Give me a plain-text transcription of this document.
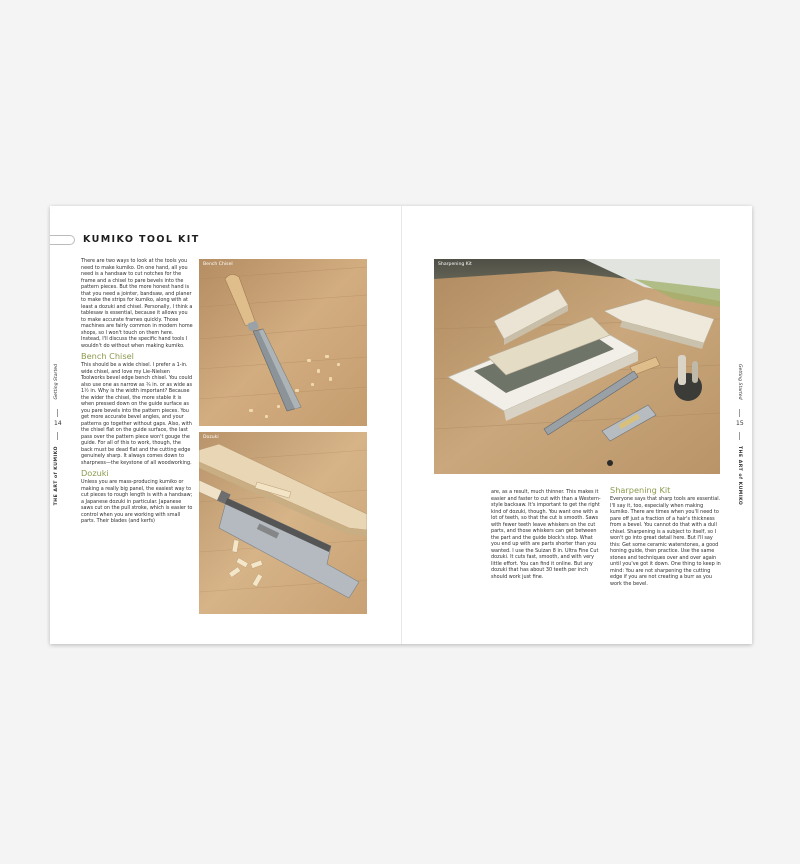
KUMIKO TOOL KIT
Getting Started
14
THE ART of KUMIKO

There are two ways to look at the tools you need to make kumiko. On one hand, all you need is a handsaw to cut notches for the frame and a chisel to pare bevels into the pattern pieces. But the more honest hand is that you need a jointer, bandsaw, and planer to make the strips for kumiko, along with at least a dozuki and chisel. Personally, I think a tablesaw is essential, because it allows you to make accurate frames quickly. Those machines are fairly common in modern home shops, so I won't touch on them here. Instead, I'll discuss the specific hand tools I wouldn't do without when making kumiko.

Bench Chisel

This should be a wide chisel. I prefer a 1-in. wide chisel, and love my Lie-Nielsen Toolworks bevel edge bench chisel. You could also use one as narrow as ¾ in. or as wide as 1½ in. Why is the width important? Because the wider the chisel, the more stable it is when pressed down on the guide surface as you pare bevels into the pattern pieces. You get more accurate bevel angles, and your patterns go together without gaps. Also, with the chisel flat on the guide surface, the last pass over the pattern piece won't gouge the guide. For all of this to work, though, the back must be dead flat and the cutting edge genuinely sharp. It always comes down to sharpness—the keystone of all woodworking.

Dozuki

Unless you are mass-producing kumiko or making a really big panel, the easiest way to cut pieces to rough length is with a handsaw; a Japanese dozuki in particular. Japanese saws cut on the pull stroke, which is easier to control when you are working with small parts. Their blades (and kerfs)

Bench Chisel
Dozuki
Sharpening Kit

are, as a result, much thinner. This makes it easier and faster to cut with than a Western-style backsaw. It's important to get the right kind of dozuki, though. You want one with a lot of teeth, so that the cut is smooth. Saws with fewer teeth leave whiskers on the cut parts, and those whiskers can get between the part and the guide block's stop. What you end up with are parts shorter than you wanted. I use the Suizan 8 in. Ultra Fine Cut dozuki. It cuts fast, smooth, and with very little effort. You can find it online. But any dozuki that has about 30 teeth per inch should work just fine.

Sharpening Kit

Everyone says that sharp tools are essential. I'll say it, too, especially when making kumiko. There are times when you'll need to pare off just a fraction of a hair's thickness from a bevel. You cannot do that with a dull chisel. Sharpening is a subject to itself, so I won't go into great detail here. But I'll say this: Get some ceramic waterstones, a good honing guide, then practice. Use the same stones and techniques over and over again until you've got it down. One thing to keep in mind: You are not sharpening the cutting edge if you are not creating a burr as you work the bevel.

Getting Started
15
THE ART of KUMIKO
